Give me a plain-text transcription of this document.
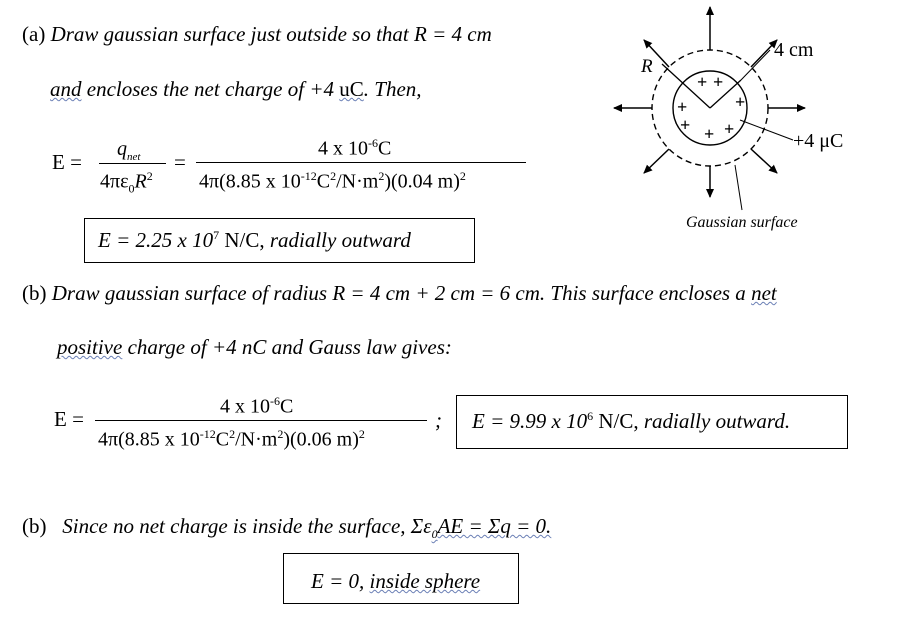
(a) Draw gaussian surface just outside so that R = 4 cm
and encloses the net charge of +4 uC. Then,
E =
$q_{net}$
$4\pi\varepsilon_0R^2$
=
4 x $10^{-6}C$
4π(8.85 x $10^{-12}C^2/N\cdot m^2)(0.04$ m)$^2$
E = 2.25 x $10^7$ N/C, radially outward
(b) Draw gaussian surface of radius R = 4 cm + 2 cm = 6 cm. This surface encloses a net
positive charge of +4 nC and Gauss law gives:
E =
4 x $10^{-6}C$
4π(8.85 x $10^{-12}C^2/N\cdot m^2)(0.06$ m)$^2$
; E = 9.99 x $10^6$ N/C, radially outward.
(b) Since no net charge is inside the surface, $\Sigma\varepsilon_0AE = \Sigma q = 0$.
E = 0, inside sphere
R
4 cm
+4 μC
Gaussian surface
+ +
+	+
+ + +
